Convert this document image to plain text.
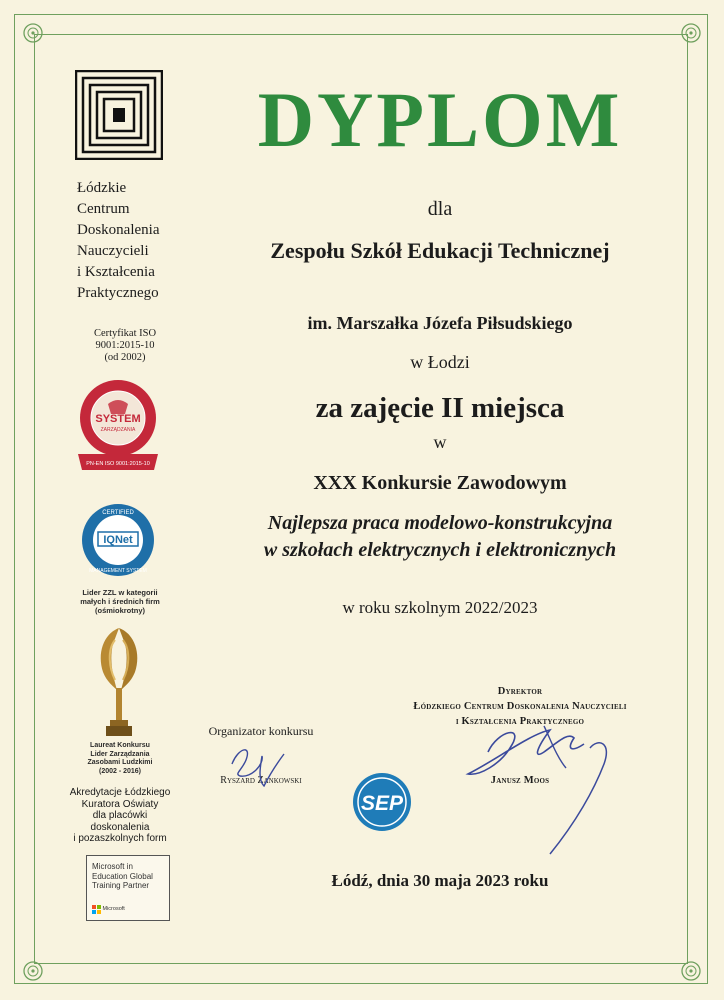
Łódzkie
Centrum
Doskonalenia
Nauczycieli
i Kształcenia
Praktycznego
Certyfikat ISO
9001:2015-10
(od 2002)
SYSTEM
ZARZĄDZANIA
PN-EN ISO 9001:2015-10
IQNet
CERTIFIED
MANAGEMENT SYSTEM
Lider ZZL w kategorii
małych i średnich firm
(ośmiokrotny)
Laureat Konkursu
Lider Zarządzania
Zasobami Ludzkimi
(2002 - 2016)
Akredytacje Łódzkiego
Kuratora Oświaty
dla placówki
doskonalenia
i pozaszkolnych form
Microsoft in
Education Global
Training Partner
Microsoft
DYPLOM
dla
Zespołu Szkół Edukacji Technicznej
im. Marszałka Józefa Piłsudskiego
w Łodzi
za zajęcie II miejsca
w
XXX Konkursie Zawodowym
Najlepsza praca modelowo-konstrukcyjna
w szkołach elektrycznych i elektronicznych
w roku szkolnym 2022/2023
Dyrektor
Łódzkiego Centrum Doskonalenia Nauczycieli
i Kształcenia Praktycznego
Janusz Moos
Organizator konkursu
Ryszard Zankowski
SEP
Łódź, dnia 30 maja 2023 roku
